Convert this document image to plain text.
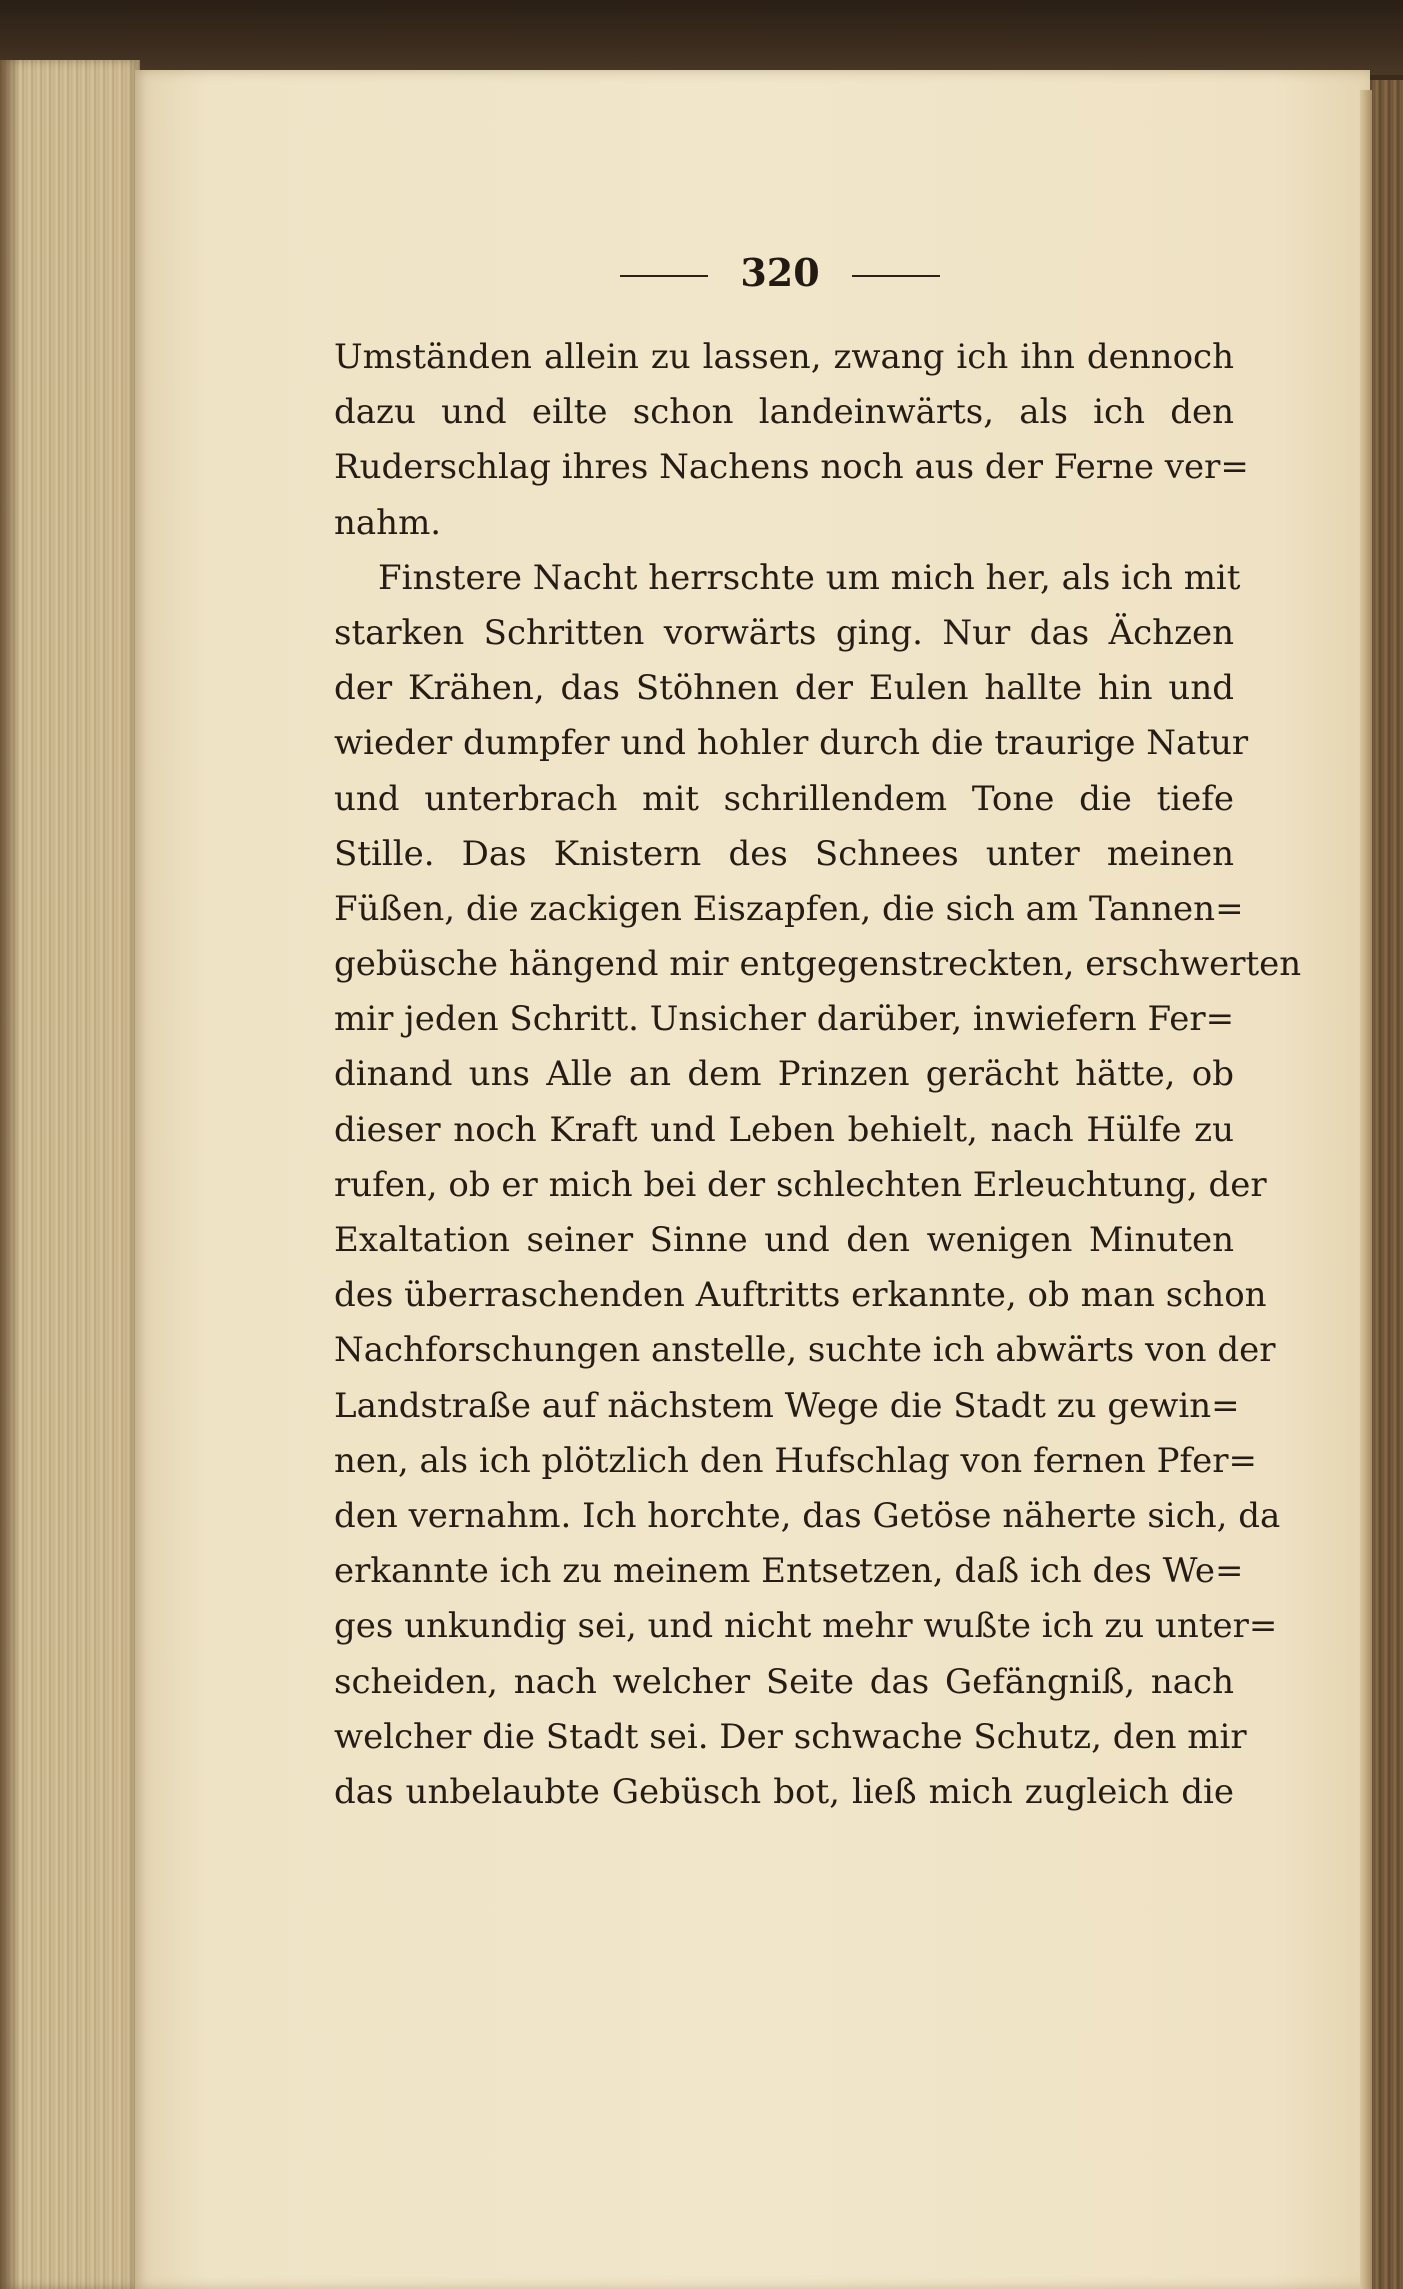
320
Umständen allein zu lassen, zwang ich ihn dennoch
dazu und eilte schon landeinwärts, als ich den
Ruderschlag ihres Nachens noch aus der Ferne ver=
nahm.
Finstere Nacht herrschte um mich her, als ich mit
starken Schritten vorwärts ging. Nur das Ächzen
der Krähen, das Stöhnen der Eulen hallte hin und
wieder dumpfer und hohler durch die traurige Natur
und unterbrach mit schrillendem Tone die tiefe
Stille. Das Knistern des Schnees unter meinen
Füßen, die zackigen Eiszapfen, die sich am Tannen=
gebüsche hängend mir entgegenstreckten, erschwerten
mir jeden Schritt. Unsicher darüber, inwiefern Fer=
dinand uns Alle an dem Prinzen gerächt hätte, ob
dieser noch Kraft und Leben behielt, nach Hülfe zu
rufen, ob er mich bei der schlechten Erleuchtung, der
Exaltation seiner Sinne und den wenigen Minuten
des überraschenden Auftritts erkannte, ob man schon
Nachforschungen anstelle, suchte ich abwärts von der
Landstraße auf nächstem Wege die Stadt zu gewin=
nen, als ich plötzlich den Hufschlag von fernen Pfer=
den vernahm. Ich horchte, das Getöse näherte sich, da
erkannte ich zu meinem Entsetzen, daß ich des We=
ges unkundig sei, und nicht mehr wußte ich zu unter=
scheiden, nach welcher Seite das Gefängniß, nach
welcher die Stadt sei. Der schwache Schutz, den mir
das unbelaubte Gebüsch bot, ließ mich zugleich die
